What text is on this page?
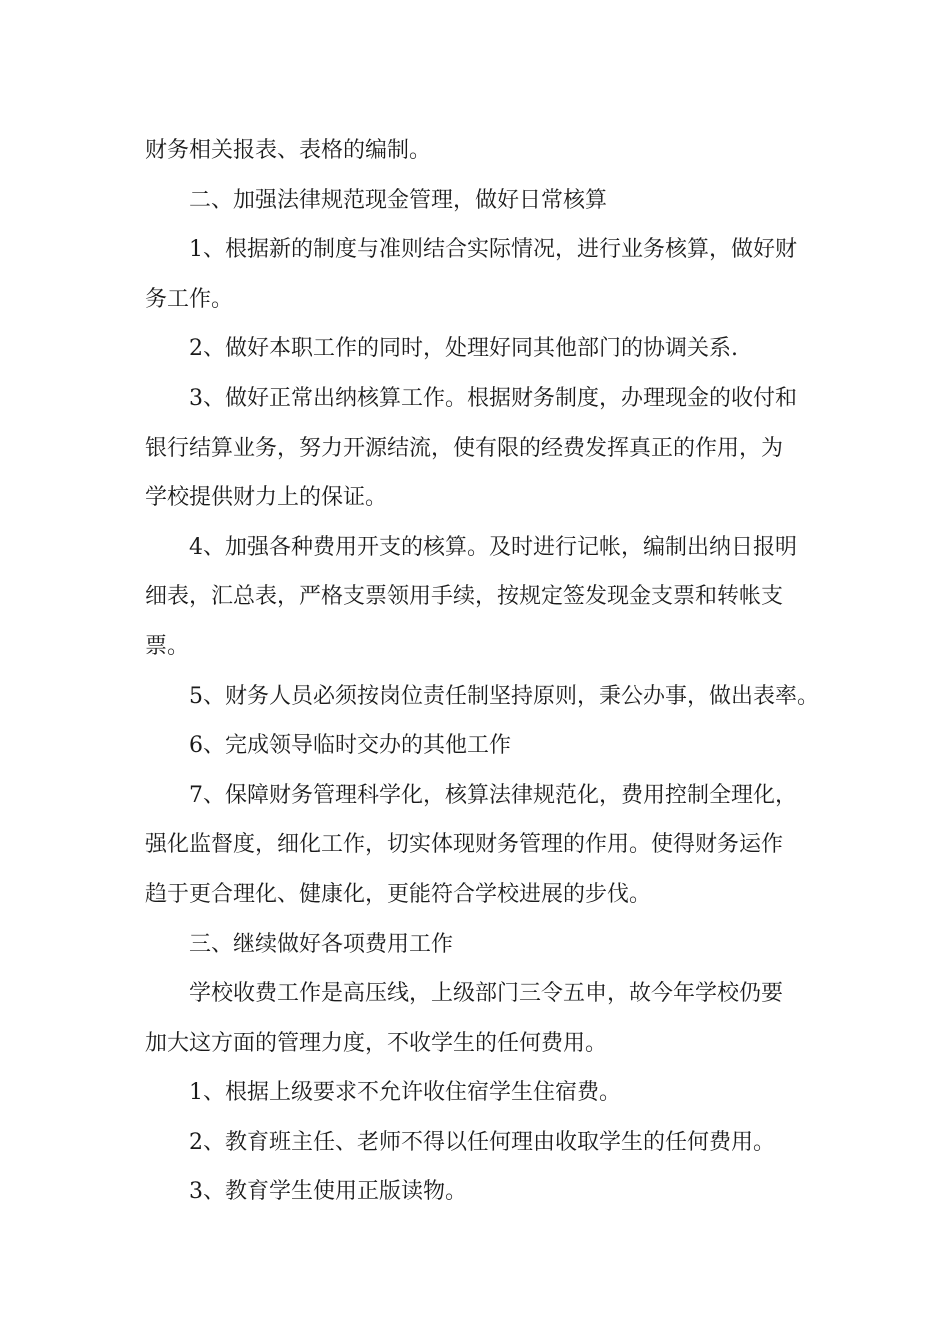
财务相关报表、表格的编制。
二、加强法律规范现金管理，做好日常核算
1、根据新的制度与准则结合实际情况，进行业务核算，做好财
务工作。
2、做好本职工作的同时，处理好同其他部门的协调关系.
3、做好正常出纳核算工作。根据财务制度，办理现金的收付和
银行结算业务，努力开源结流，使有限的经费发挥真正的作用，为
学校提供财力上的保证。
4、加强各种费用开支的核算。及时进行记帐，编制出纳日报明
细表，汇总表，严格支票领用手续，按规定签发现金支票和转帐支
票。
5、财务人员必须按岗位责任制坚持原则，秉公办事，做出表率。
6、完成领导临时交办的其他工作
7、保障财务管理科学化，核算法律规范化，费用控制全理化，
强化监督度，细化工作，切实体现财务管理的作用。使得财务运作
趋于更合理化、健康化，更能符合学校进展的步伐。
三、继续做好各项费用工作
学校收费工作是高压线，上级部门三令五申，故今年学校仍要
加大这方面的管理力度，不收学生的任何费用。
1、根据上级要求不允许收住宿学生住宿费。
2、教育班主任、老师不得以任何理由收取学生的任何费用。
3、教育学生使用正版读物。
